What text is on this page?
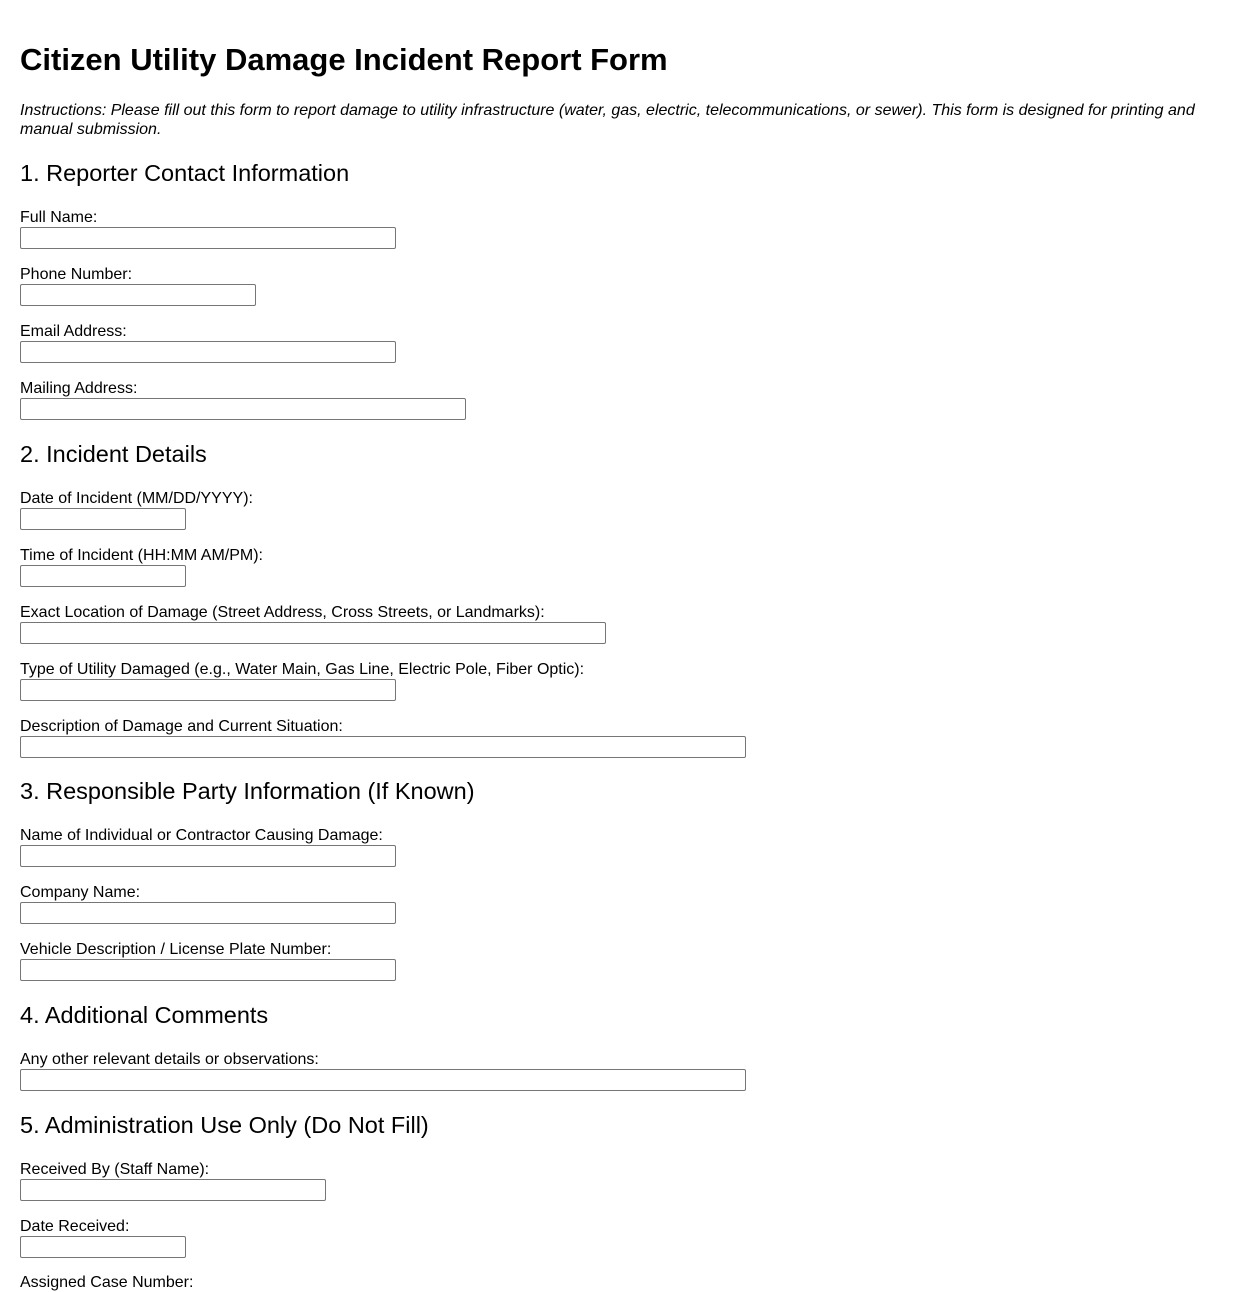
Citizen Utility Damage Incident Report Form

Instructions: Please fill out this form to report damage to utility infrastructure (water, gas, electric, telecommunications, or sewer). This form is designed for printing and manual submission.

1. Reporter Contact Information
Full Name:
Phone Number:
Email Address:
Mailing Address:
2. Incident Details
Date of Incident (MM/DD/YYYY):
Time of Incident (HH:MM AM/PM):
Exact Location of Damage (Street Address, Cross Streets, or Landmarks):
Type of Utility Damaged (e.g., Water Main, Gas Line, Electric Pole, Fiber Optic):
Description of Damage and Current Situation:
3. Responsible Party Information (If Known)
Name of Individual or Contractor Causing Damage:
Company Name:
Vehicle Description / License Plate Number:
4. Additional Comments
Any other relevant details or observations:
5. Administration Use Only (Do Not Fill)
Received By (Staff Name):
Date Received:
Assigned Case Number:
